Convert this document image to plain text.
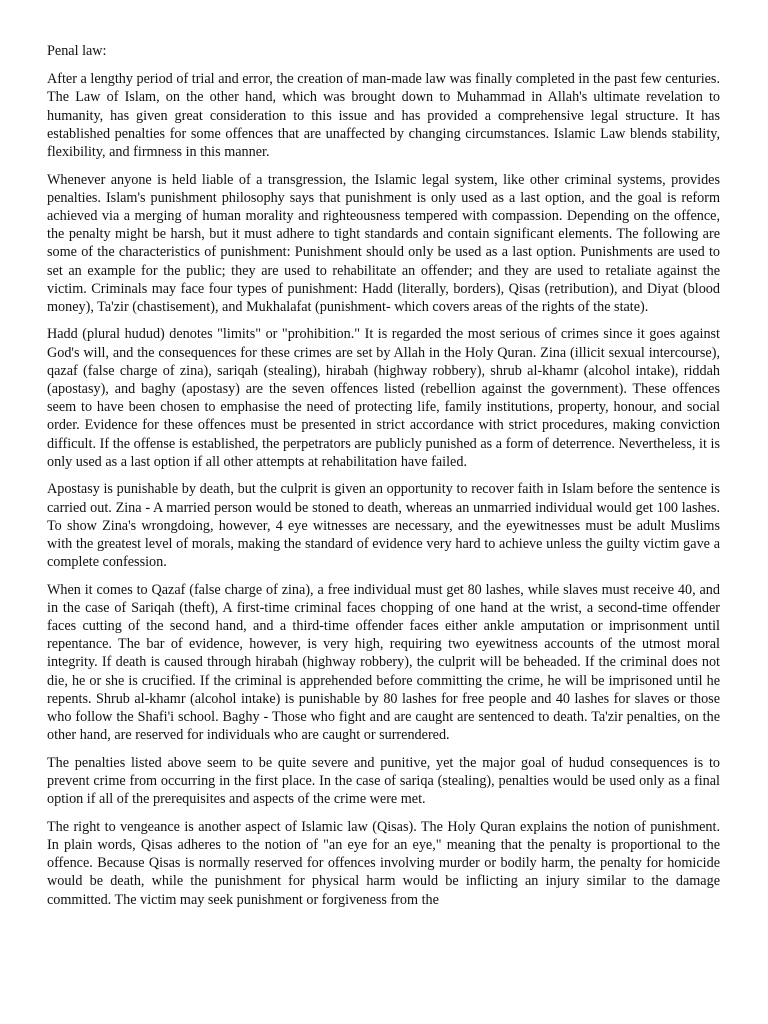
Penal law:

After a lengthy period of trial and error, the creation of man-made law was finally completed in the past few centuries. The Law of Islam, on the other hand, which was brought down to Muhammad in Allah's ultimate revelation to humanity, has given great consideration to this issue and has provided a comprehensive legal structure. It has established penalties for some offences that are unaffected by changing circumstances. Islamic Law blends stability, flexibility, and firmness in this manner.

Whenever anyone is held liable of a transgression, the Islamic legal system, like other criminal systems, provides penalties. Islam's punishment philosophy says that punishment is only used as a last option, and the goal is reform achieved via a merging of human morality and righteousness tempered with compassion. Depending on the offence, the penalty might be harsh, but it must adhere to tight standards and contain significant elements. The following are some of the characteristics of punishment: Punishment should only be used as a last option. Punishments are used to set an example for the public; they are used to rehabilitate an offender; and they are used to retaliate against the victim. Criminals may face four types of punishment: Hadd (literally, borders), Qisas (retribution), and Diyat (blood money), Ta'zir (chastisement), and Mukhalafat (punishment- which covers areas of the rights of the state).

Hadd (plural hudud) denotes "limits" or "prohibition." It is regarded the most serious of crimes since it goes against God's will, and the consequences for these crimes are set by Allah in the Holy Quran. Zina (illicit sexual intercourse), qazaf (false charge of zina), sariqah (stealing), hirabah (highway robbery), shrub al-khamr (alcohol intake), riddah (apostasy), and baghy (apostasy) are the seven offences listed (rebellion against the government). These offences seem to have been chosen to emphasise the need of protecting life, family institutions, property, honour, and social order. Evidence for these offences must be presented in strict accordance with strict procedures, making conviction difficult. If the offense is established, the perpetrators are publicly punished as a form of deterrence. Nevertheless, it is only used as a last option if all other attempts at rehabilitation have failed.

Apostasy is punishable by death, but the culprit is given an opportunity to recover faith in Islam before the sentence is carried out. Zina - A married person would be stoned to death, whereas an unmarried individual would get 100 lashes. To show Zina's wrongdoing, however, 4 eye witnesses are necessary, and the eyewitnesses must be adult Muslims with the greatest level of morals, making the standard of evidence very hard to achieve unless the guilty victim gave a complete confession.

When it comes to Qazaf (false charge of zina), a free individual must get 80 lashes, while slaves must receive 40, and in the case of Sariqah (theft), A first-time criminal faces chopping of one hand at the wrist, a second-time offender faces cutting of the second hand, and a third-time offender faces either ankle amputation or imprisonment until repentance. The bar of evidence, however, is very high, requiring two eyewitness accounts of the utmost moral integrity. If death is caused through hirabah (highway robbery), the culprit will be beheaded. If the criminal does not die, he or she is crucified. If the criminal is apprehended before committing the crime, he will be imprisoned until he repents. Shrub al-khamr (alcohol intake) is punishable by 80 lashes for free people and 40 lashes for slaves or those who follow the Shafi'i school. Baghy - Those who fight and are caught are sentenced to death. Ta'zir penalties, on the other hand, are reserved for individuals who are caught or surrendered.

The penalties listed above seem to be quite severe and punitive, yet the major goal of hudud consequences is to prevent crime from occurring in the first place. In the case of sariqa (stealing), penalties would be used only as a final option if all of the prerequisites and aspects of the crime were met.

The right to vengeance is another aspect of Islamic law (Qisas). The Holy Quran explains the notion of punishment. In plain words, Qisas adheres to the notion of "an eye for an eye," meaning that the penalty is proportional to the offence. Because Qisas is normally reserved for offences involving murder or bodily harm, the penalty for homicide would be death, while the punishment for physical harm would be inflicting an injury similar to the damage committed. The victim may seek punishment or forgiveness from the
